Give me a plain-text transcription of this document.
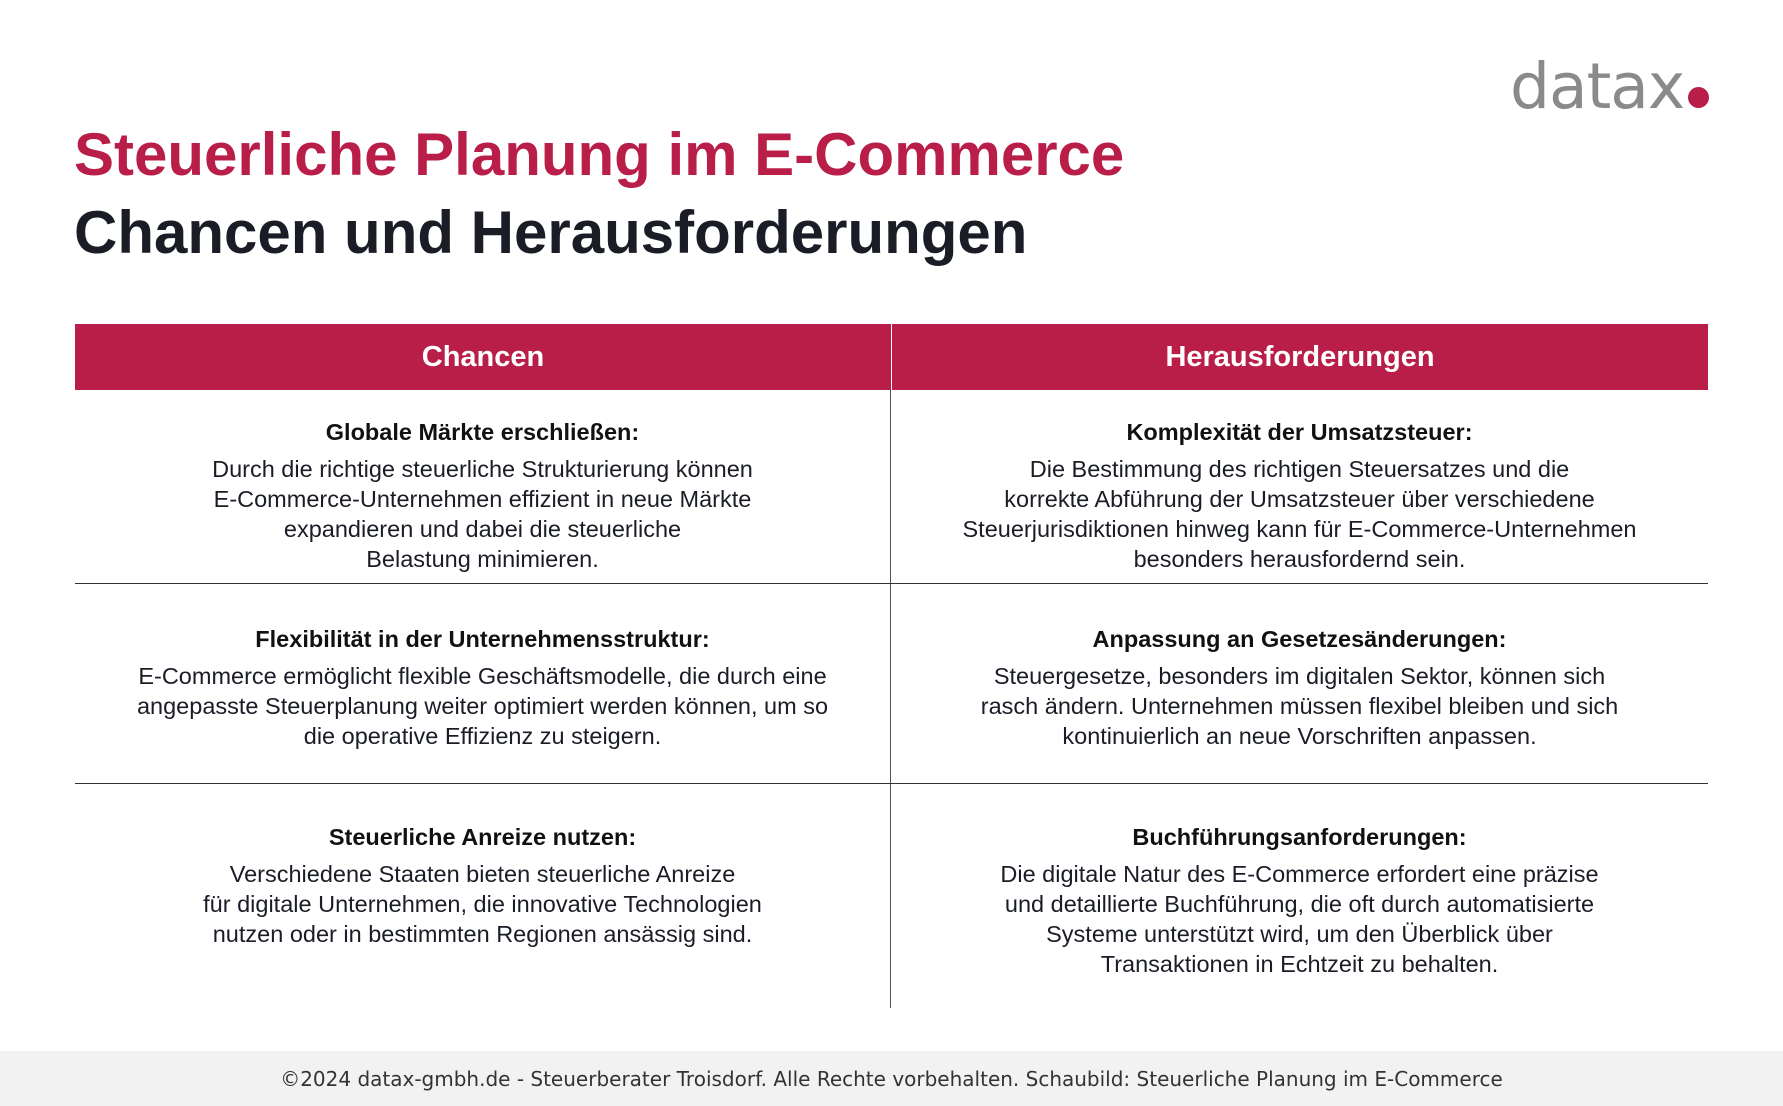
datax
Steuerliche Planung im E-Commerce
Chancen und Herausforderungen
Chancen	Herausforderungen
Globale Märkte erschließen:
Durch die richtige steuerliche Strukturierung können
E-Commerce-Unternehmen effizient in neue Märkte
expandieren und dabei die steuerliche
Belastung minimieren.
Komplexität der Umsatzsteuer:
Die Bestimmung des richtigen Steuersatzes und die
korrekte Abführung der Umsatzsteuer über verschiedene
Steuerjurisdiktionen hinweg kann für E-Commerce-Unternehmen
besonders herausfordernd sein.
Flexibilität in der Unternehmensstruktur:
E-Commerce ermöglicht flexible Geschäftsmodelle, die durch eine
angepasste Steuerplanung weiter optimiert werden können, um so
die operative Effizienz zu steigern.
Anpassung an Gesetzesänderungen:
Steuergesetze, besonders im digitalen Sektor, können sich
rasch ändern. Unternehmen müssen flexibel bleiben und sich
kontinuierlich an neue Vorschriften anpassen.
Steuerliche Anreize nutzen:
Verschiedene Staaten bieten steuerliche Anreize
für digitale Unternehmen, die innovative Technologien
nutzen oder in bestimmten Regionen ansässig sind.
Buchführungsanforderungen:
Die digitale Natur des E-Commerce erfordert eine präzise
und detaillierte Buchführung, die oft durch automatisierte
Systeme unterstützt wird, um den Überblick über
Transaktionen in Echtzeit zu behalten.
©2024 datax-gmbh.de - Steuerberater Troisdorf. Alle Rechte vorbehalten. Schaubild: Steuerliche Planung im E-Commerce
